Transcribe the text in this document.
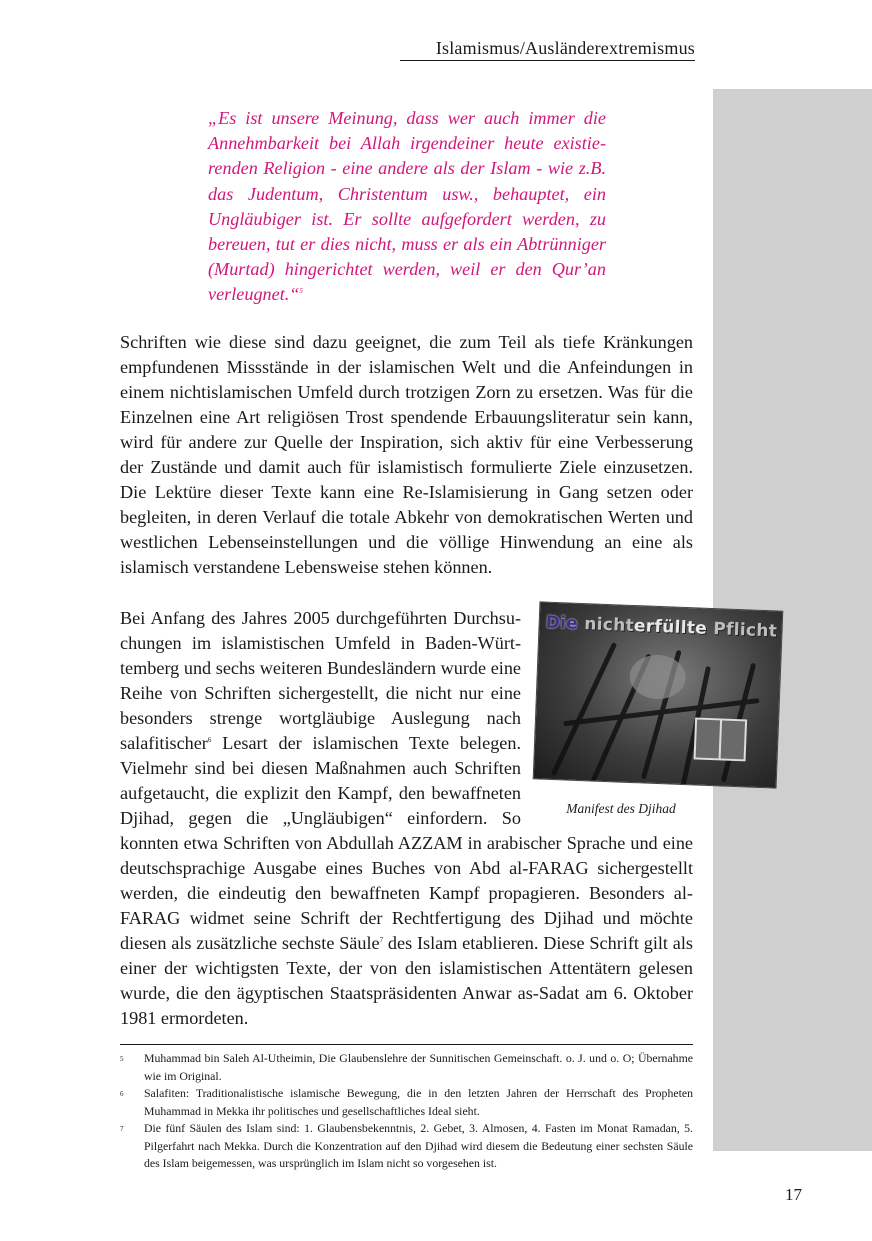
Islamismus/Ausländerextremismus

„Es ist unsere Meinung, dass wer auch immer die Annehmbarkeit bei Allah irgendeiner heute existierenden Religion - eine andere als der Islam - wie z.B. das Judentum, Christentum usw., behauptet, ein Ungläubiger ist. Er sollte aufgefordert werden, zu bereuen, tut er dies nicht, muss er als ein Abtrünniger (Murtad) hingerichtet werden, weil er den Qur’an verleugnet.“$^5$

Schriften wie diese sind dazu geeignet, die zum Teil als tiefe Kränkungen empfundenen Missstände in der islamischen Welt und die Anfeindungen in einem nichtislamischen Umfeld durch trotzigen Zorn zu ersetzen. Was für die Einzelnen eine Art religiösen Trost spendende Erbauungsliteratur sein kann, wird für andere zur Quelle der Inspiration, sich aktiv für eine Verbesserung der Zustände und damit auch für islamistisch formulierte Ziele einzusetzen. Die Lektüre dieser Texte kann eine Re-Islamisierung in Gang setzen oder begleiten, in deren Verlauf die totale Abkehr von demokratischen Werten und westlichen Lebenseinstellungen und die völlige Hinwendung an eine als islamisch verstandene Lebensweise stehen können.

Die nichterfüllte Pflicht
Manifest des Djihad
Bei Anfang des Jahres 2005 durchgeführten Durchsuchungen im islamistischen Umfeld in Baden-Württemberg und sechs weiteren Bundesländern wurde eine Reihe von Schriften sichergestellt, die nicht nur eine besonders strenge wortgläubige Auslegung nach salafitischer$^6$ Lesart der islamischen Texte belegen. Vielmehr sind bei diesen Maßnahmen auch Schriften aufgetaucht, die explizit den Kampf, den bewaffneten Djihad, gegen die „Ungläubigen“ einfordern. So konnten etwa Schriften von Abdullah AZZAM in arabischer Sprache und eine deutschsprachige Ausgabe eines Buches von Abd al-FARAG sichergestellt werden, die eindeutig den bewaffneten Kampf propagieren. Besonders al-FARAG widmet seine Schrift der Rechtfertigung des Djihad und möchte diesen als zusätzliche sechste Säule$^7$ des Islam etablieren. Diese Schrift gilt als einer der wichtigsten Texte, der von den islamistischen Attentätern gelesen wurde, die den ägyptischen Staatspräsidenten Anwar as-Sadat am 6. Oktober 1981 ermordeten.
5	Muhammad bin Saleh Al-Utheimin, Die Glaubenslehre der Sunnitischen Gemeinschaft. o. J. und o. O; Übernahme wie im Original.
6	Salafiten: Traditionalistische islamische Bewegung, die in den letzten Jahren der Herrschaft des Propheten Muhammad in Mekka ihr politisches und gesellschaftliches Ideal sieht.
7	Die fünf Säulen des Islam sind: 1. Glaubensbekenntnis, 2. Gebet, 3. Almosen, 4. Fasten im Monat Ramadan, 5. Pilgerfahrt nach Mekka. Durch die Konzentration auf den Djihad wird diesem die Bedeutung einer sechsten Säule des Islam beigemessen, was ursprünglich im Islam nicht so vorgesehen ist.
17
